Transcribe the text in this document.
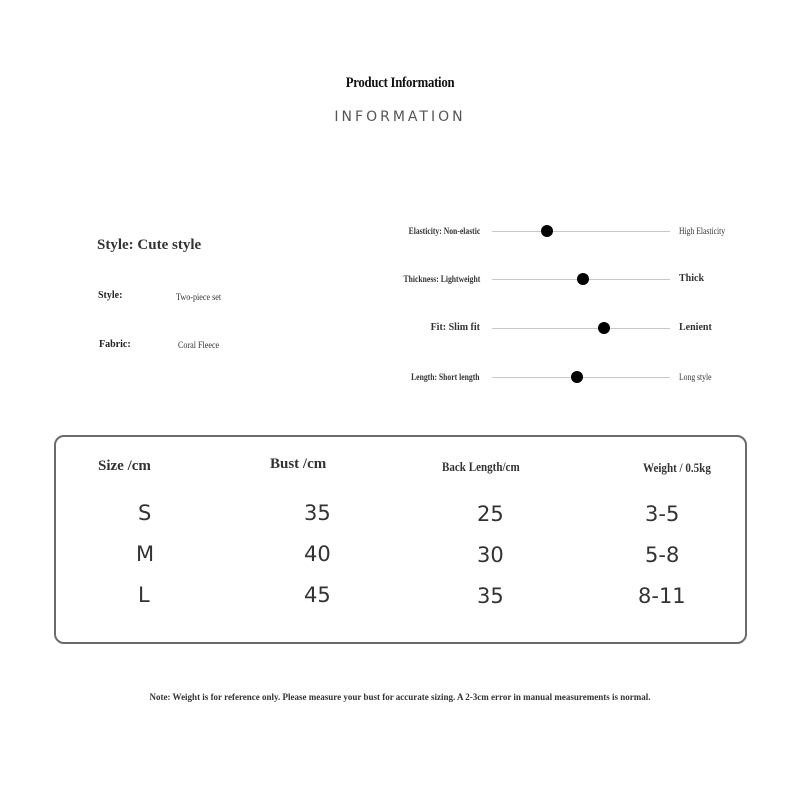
Product Information
INFORMATION
Style: Cute style
Style:	Two-piece set
Fabric:	Coral Fleece
Elasticity: Non-elastic	High Elasticity
Thickness: Lightweight	Thick
Fit: Slim fit	Lenient
Length: Short length	Long style
Size /cm	Bust /cm	Back Length/cm	Weight / 0.5kg
S	35	25	3-5
M	40	30	5-8
L	45	35	8-11
Note: Weight is for reference only. Please measure your bust for accurate sizing. A 2-3cm error in manual measurements is normal.
